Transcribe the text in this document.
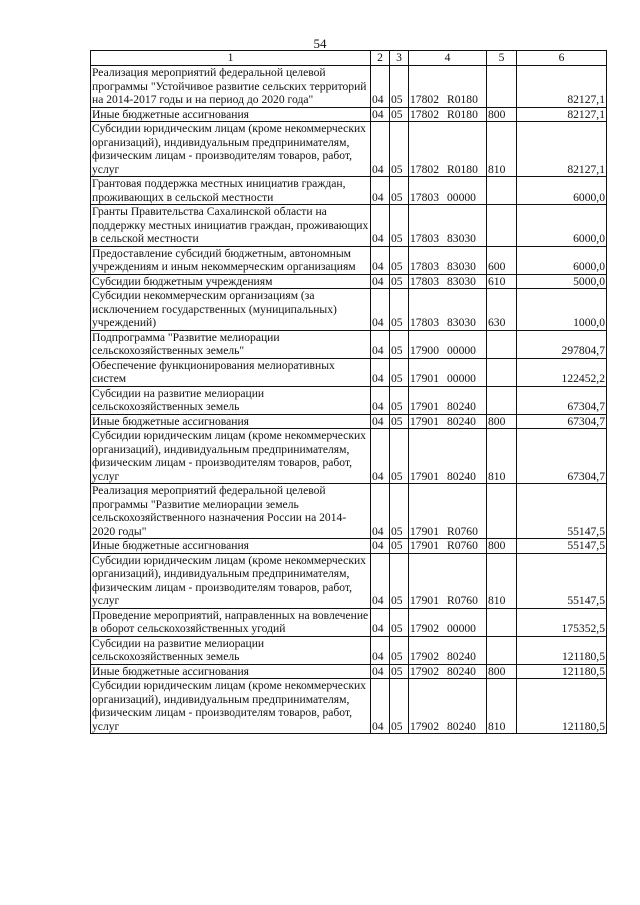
54
1	2	3	4	5	6
Реализация мероприятий федеральной целевой программы "Устойчивое развитие сельских территорий на 2014-2017 годы и на период до 2020 года"	04	05	17802 R0180		82127,1
Иные бюджетные ассигнования	04	05	17802 R0180	800	82127,1
Субсидии юридическим лицам (кроме некоммерческих организаций), индивидуальным предпринимателям, физическим лицам - производителям товаров, работ, услуг	04	05	17802 R0180	810	82127,1
Грантовая поддержка местных инициатив граждан, проживающих в сельской местности	04	05	17803 00000		6000,0
Гранты Правительства Сахалинской области на поддержку местных инициатив граждан, проживающих в сельской местности	04	05	17803 83030		6000,0
Предоставление субсидий бюджетным, автономным учреждениям и иным некоммерческим организациям	04	05	17803 83030	600	6000,0
Субсидии бюджетным учреждениям	04	05	17803 83030	610	5000,0
Субсидии некоммерческим организациям (за исключением государственных (муниципальных) учреждений)	04	05	17803 83030	630	1000,0
Подпрограмма "Развитие мелиорации сельскохозяйственных земель"	04	05	17900 00000		297804,7
Обеспечение функционирования мелиоративных систем	04	05	17901 00000		122452,2
Субсидии на развитие мелиорации сельскохозяйственных земель	04	05	17901 80240		67304,7
Иные бюджетные ассигнования	04	05	17901 80240	800	67304,7
Субсидии юридическим лицам (кроме некоммерческих организаций), индивидуальным предпринимателям, физическим лицам - производителям товаров, работ, услуг	04	05	17901 80240	810	67304,7
Реализация мероприятий федеральной целевой программы "Развитие мелиорации земель сельскохозяйственного назначения России на 2014-2020 годы"	04	05	17901 R0760		55147,5
Иные бюджетные ассигнования	04	05	17901 R0760	800	55147,5
Субсидии юридическим лицам (кроме некоммерческих организаций), индивидуальным предпринимателям, физическим лицам - производителям товаров, работ, услуг	04	05	17901 R0760	810	55147,5
Проведение мероприятий, направленных на вовлечение в оборот сельскохозяйственных угодий	04	05	17902 00000		175352,5
Субсидии на развитие мелиорации сельскохозяйственных земель	04	05	17902 80240		121180,5
Иные бюджетные ассигнования	04	05	17902 80240	800	121180,5
Субсидии юридическим лицам (кроме некоммерческих организаций), индивидуальным предпринимателям, физическим лицам - производителям товаров, работ, услуг	04	05	17902 80240	810	121180,5
